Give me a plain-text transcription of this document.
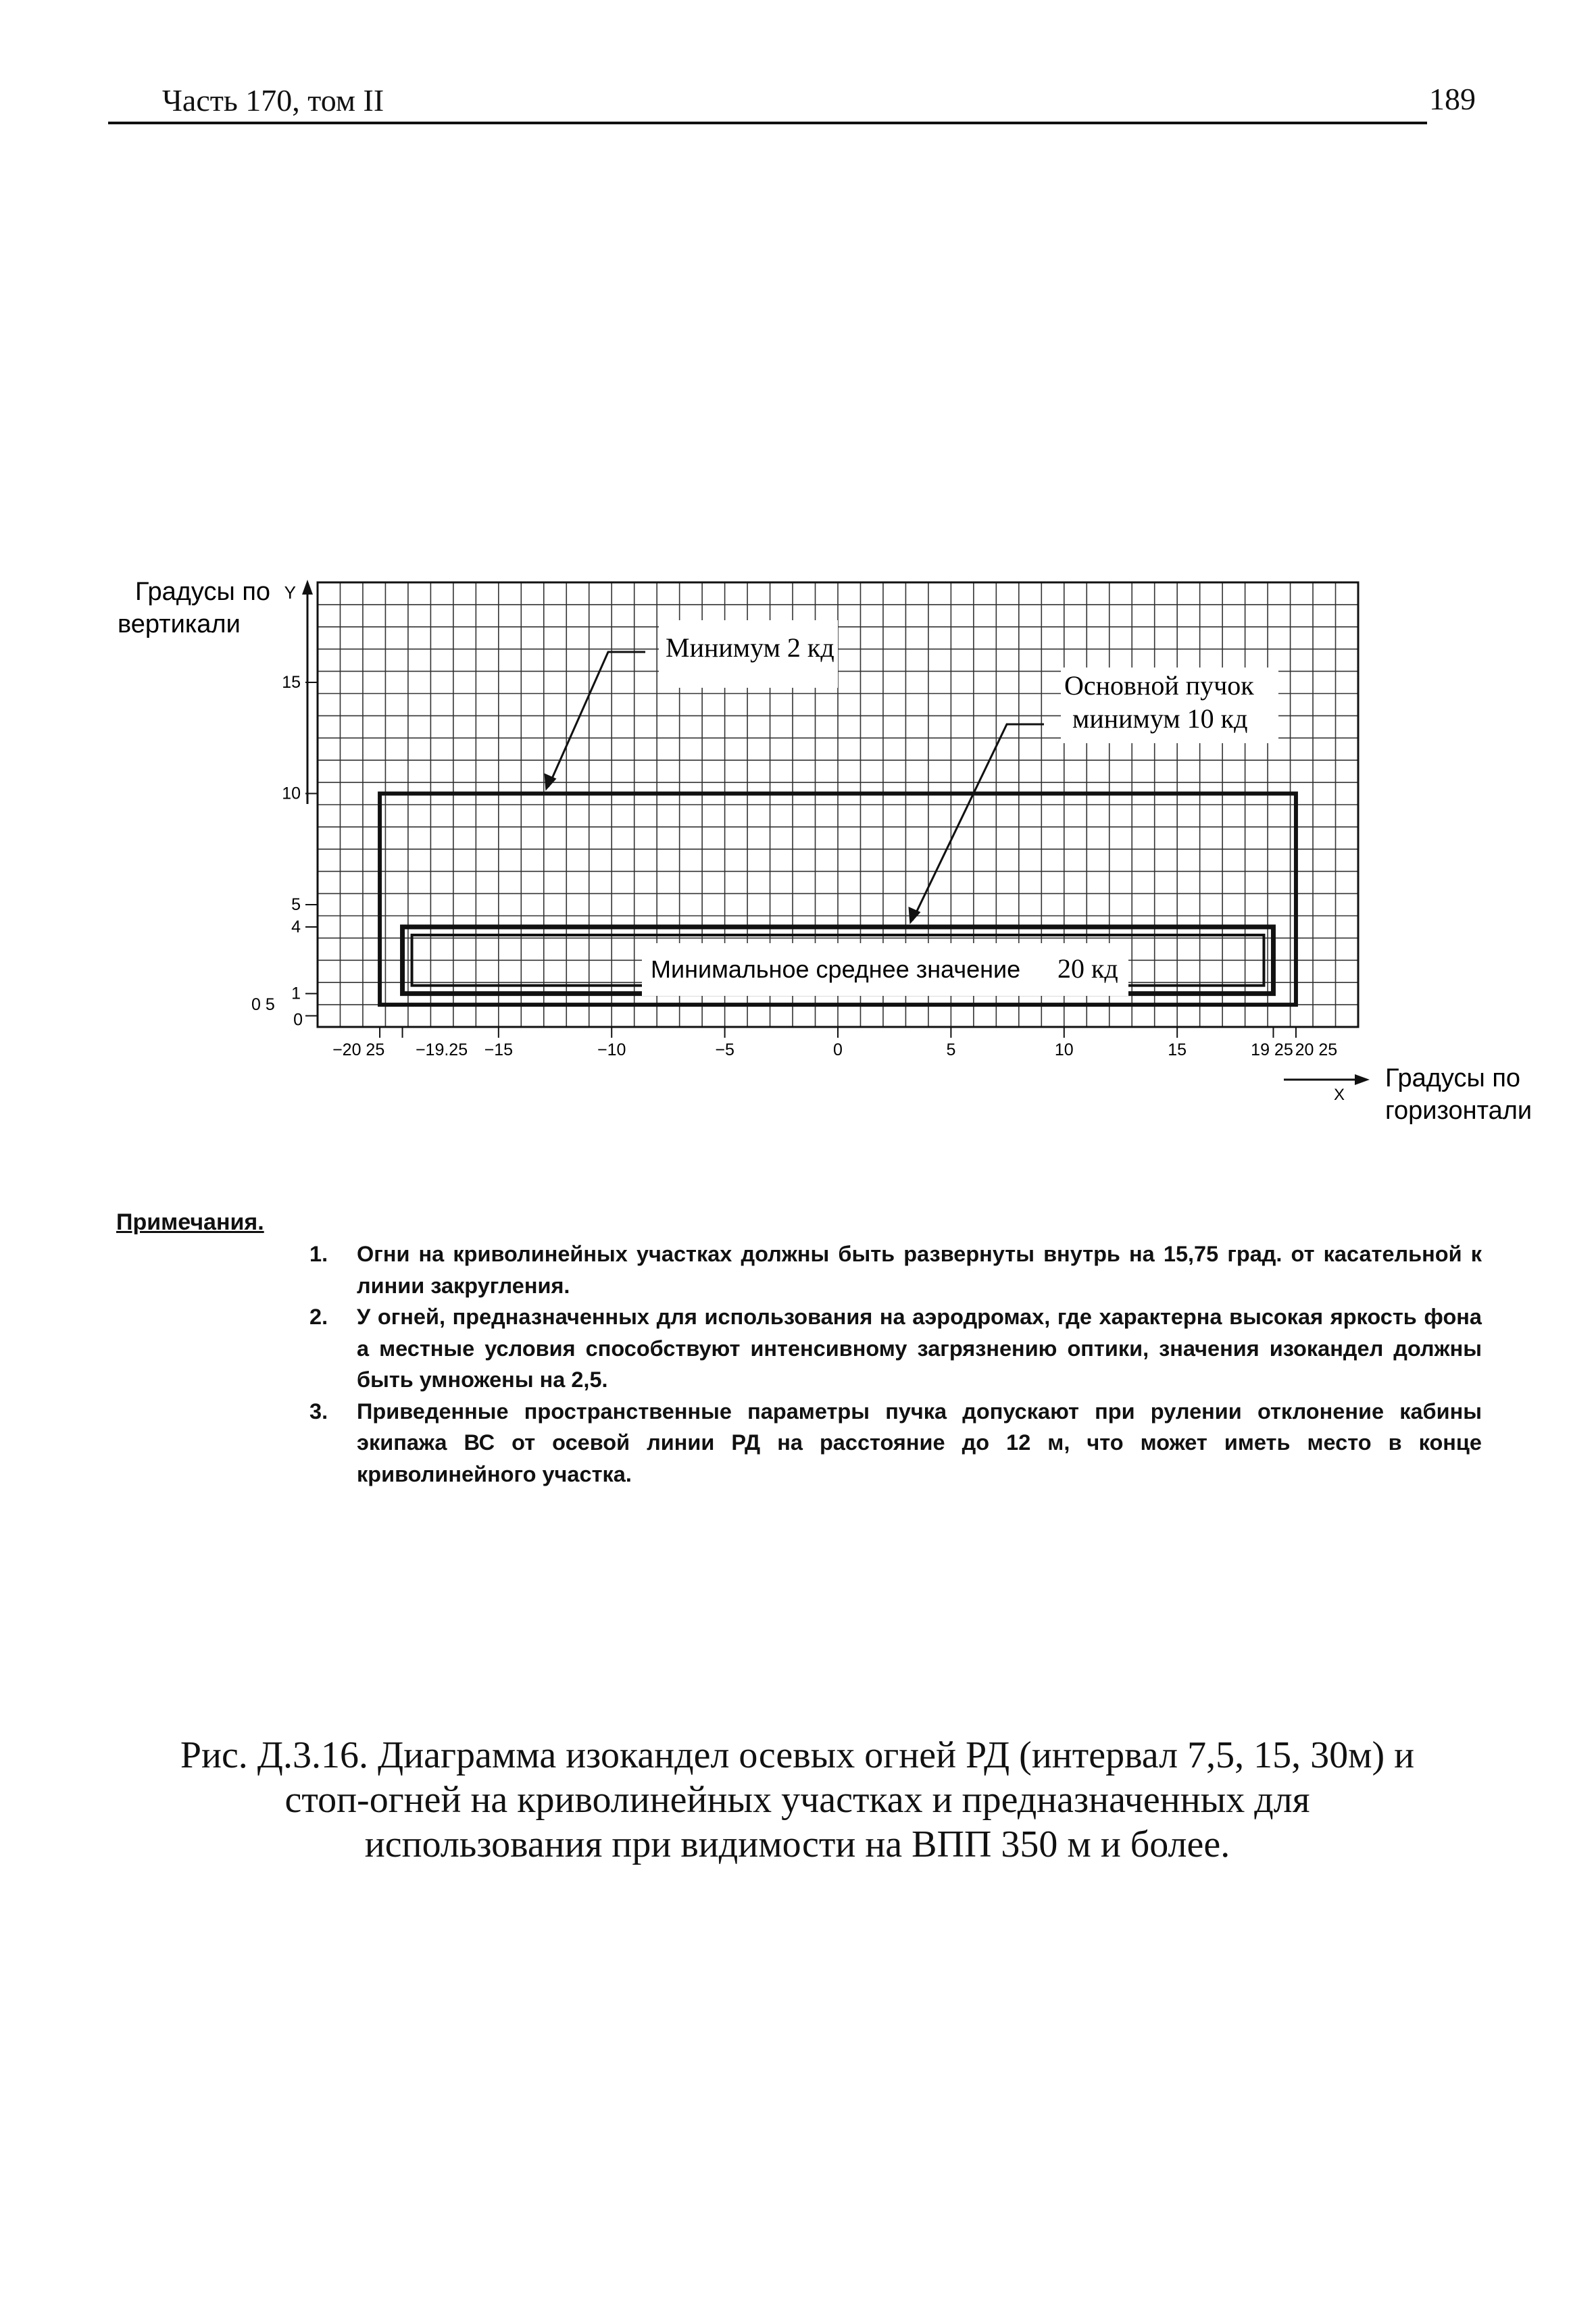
Часть 170, том II	189
Y
X
Градусы по
вертикали
Градусы по
горизонтали
15
10
5
4
1
0
0 5
−20 25 −19.25 −15	−10	−5	0	5	10	15	19 25 20 25
Минимум 2 кд
Основной пучок
минимум 10 кд
Минимальное среднее значение 20 кд
Примечания.
1. Огни на криволинейных участках должны быть развернуты внутрь на 15,75 град. от касательной к линии закругления.
2. У огней, предназначенных для использования на аэродромах, где характерна высокая яркость фона а местные условия способствуют интенсивному загрязнению оптики, значения изокандел должны быть умножены на 2,5.
3. Приведенные пространственные параметры пучка допускают при рулении отклонение кабины экипажа ВС от осевой линии РД на расстояние до 12 м, что может иметь место в конце криволинейного участка.
Рис. Д.3.16. Диаграмма изокандел осевых огней РД (интервал 7,5, 15, 30м) и
стоп-огней на криволинейных участках и предназначенных для
использования при видимости на ВПП 350 м и более.
